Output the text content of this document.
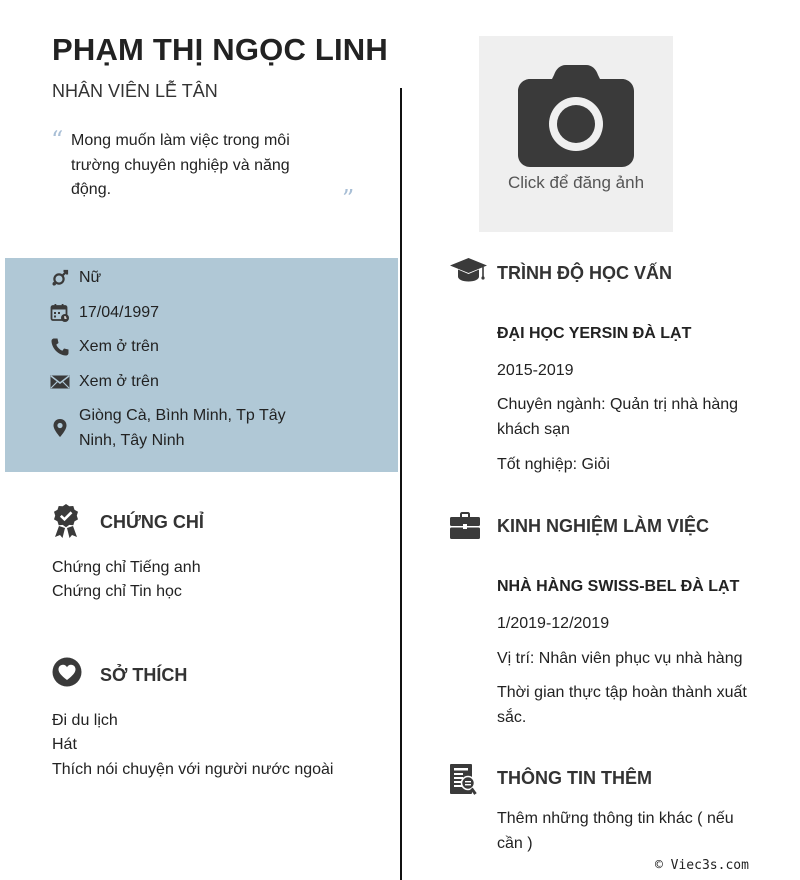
PHẠM THỊ NGỌC LINH
NHÂN VIÊN LỄ TÂN
“ Mong muốn làm việc trong môi trường chuyên nghiệp và năng động.	”
Nữ
17/04/1997
Xem ở trên
Xem ở trên
Giòng Cà, Bình Minh, Tp Tây Ninh, Tây Ninh
CHỨNG CHỈ
Chứng chỉ Tiếng anh
Chứng chỉ Tin học
SỞ THÍCH
Đi du lịch
Hát
Thích nói chuyện với người nước ngoài
Click để đăng ảnh
TRÌNH ĐỘ HỌC VẤN
ĐẠI HỌC YERSIN ĐÀ LẠT
2015-2019
Chuyên ngành: Quản trị nhà hàng khách sạn
Tốt nghiệp: Giỏi
KINH NGHIỆM LÀM VIỆC
NHÀ HÀNG SWISS-BEL ĐÀ LẠT
1/2019-12/2019
Vị trí: Nhân viên phục vụ nhà hàng
Thời gian thực tập hoàn thành xuất sắc.
THÔNG TIN THÊM
Thêm những thông tin khác ( nếu cần )
© Viec3s.com
